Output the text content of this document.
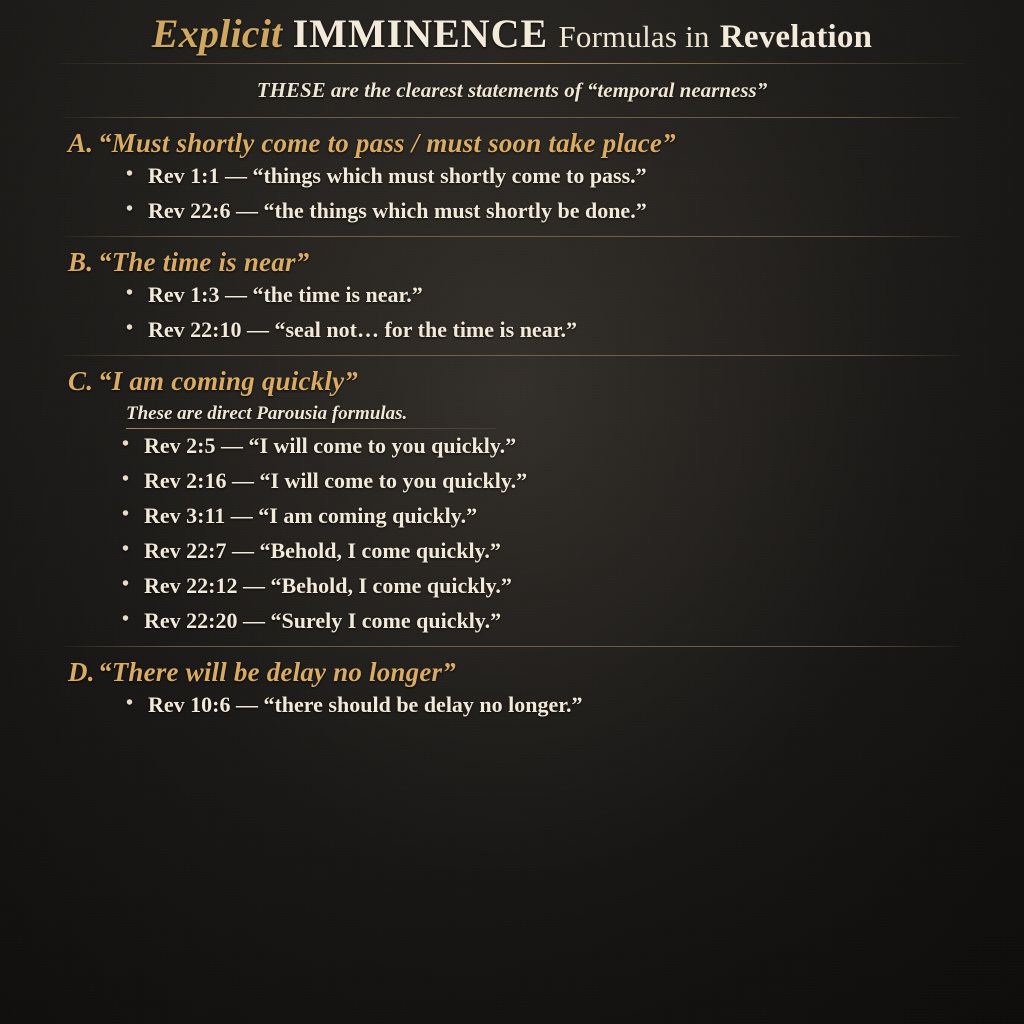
Explicit IMMINENCE Formulas in Revelation
THESE are the clearest statements of “temporal nearness”
A. “Must shortly come to pass / must soon take place”
• Rev 1:1 — “things which must shortly come to pass.”
• Rev 22:6 — “the things which must shortly be done.”
B. “The time is near”
• Rev 1:3 — “the time is near.”
• Rev 22:10 — “seal not… for the time is near.”
C. “I am coming quickly”
These are direct Parousia formulas.
• Rev 2:5 — “I will come to you quickly.”
• Rev 2:16 — “I will come to you quickly.”
• Rev 3:11 — “I am coming quickly.”
• Rev 22:7 — “Behold, I come quickly.”
• Rev 22:12 — “Behold, I come quickly.”
• Rev 22:20 — “Surely I come quickly.”
D. “There will be delay no longer”
• Rev 10:6 — “there should be delay no longer.”
